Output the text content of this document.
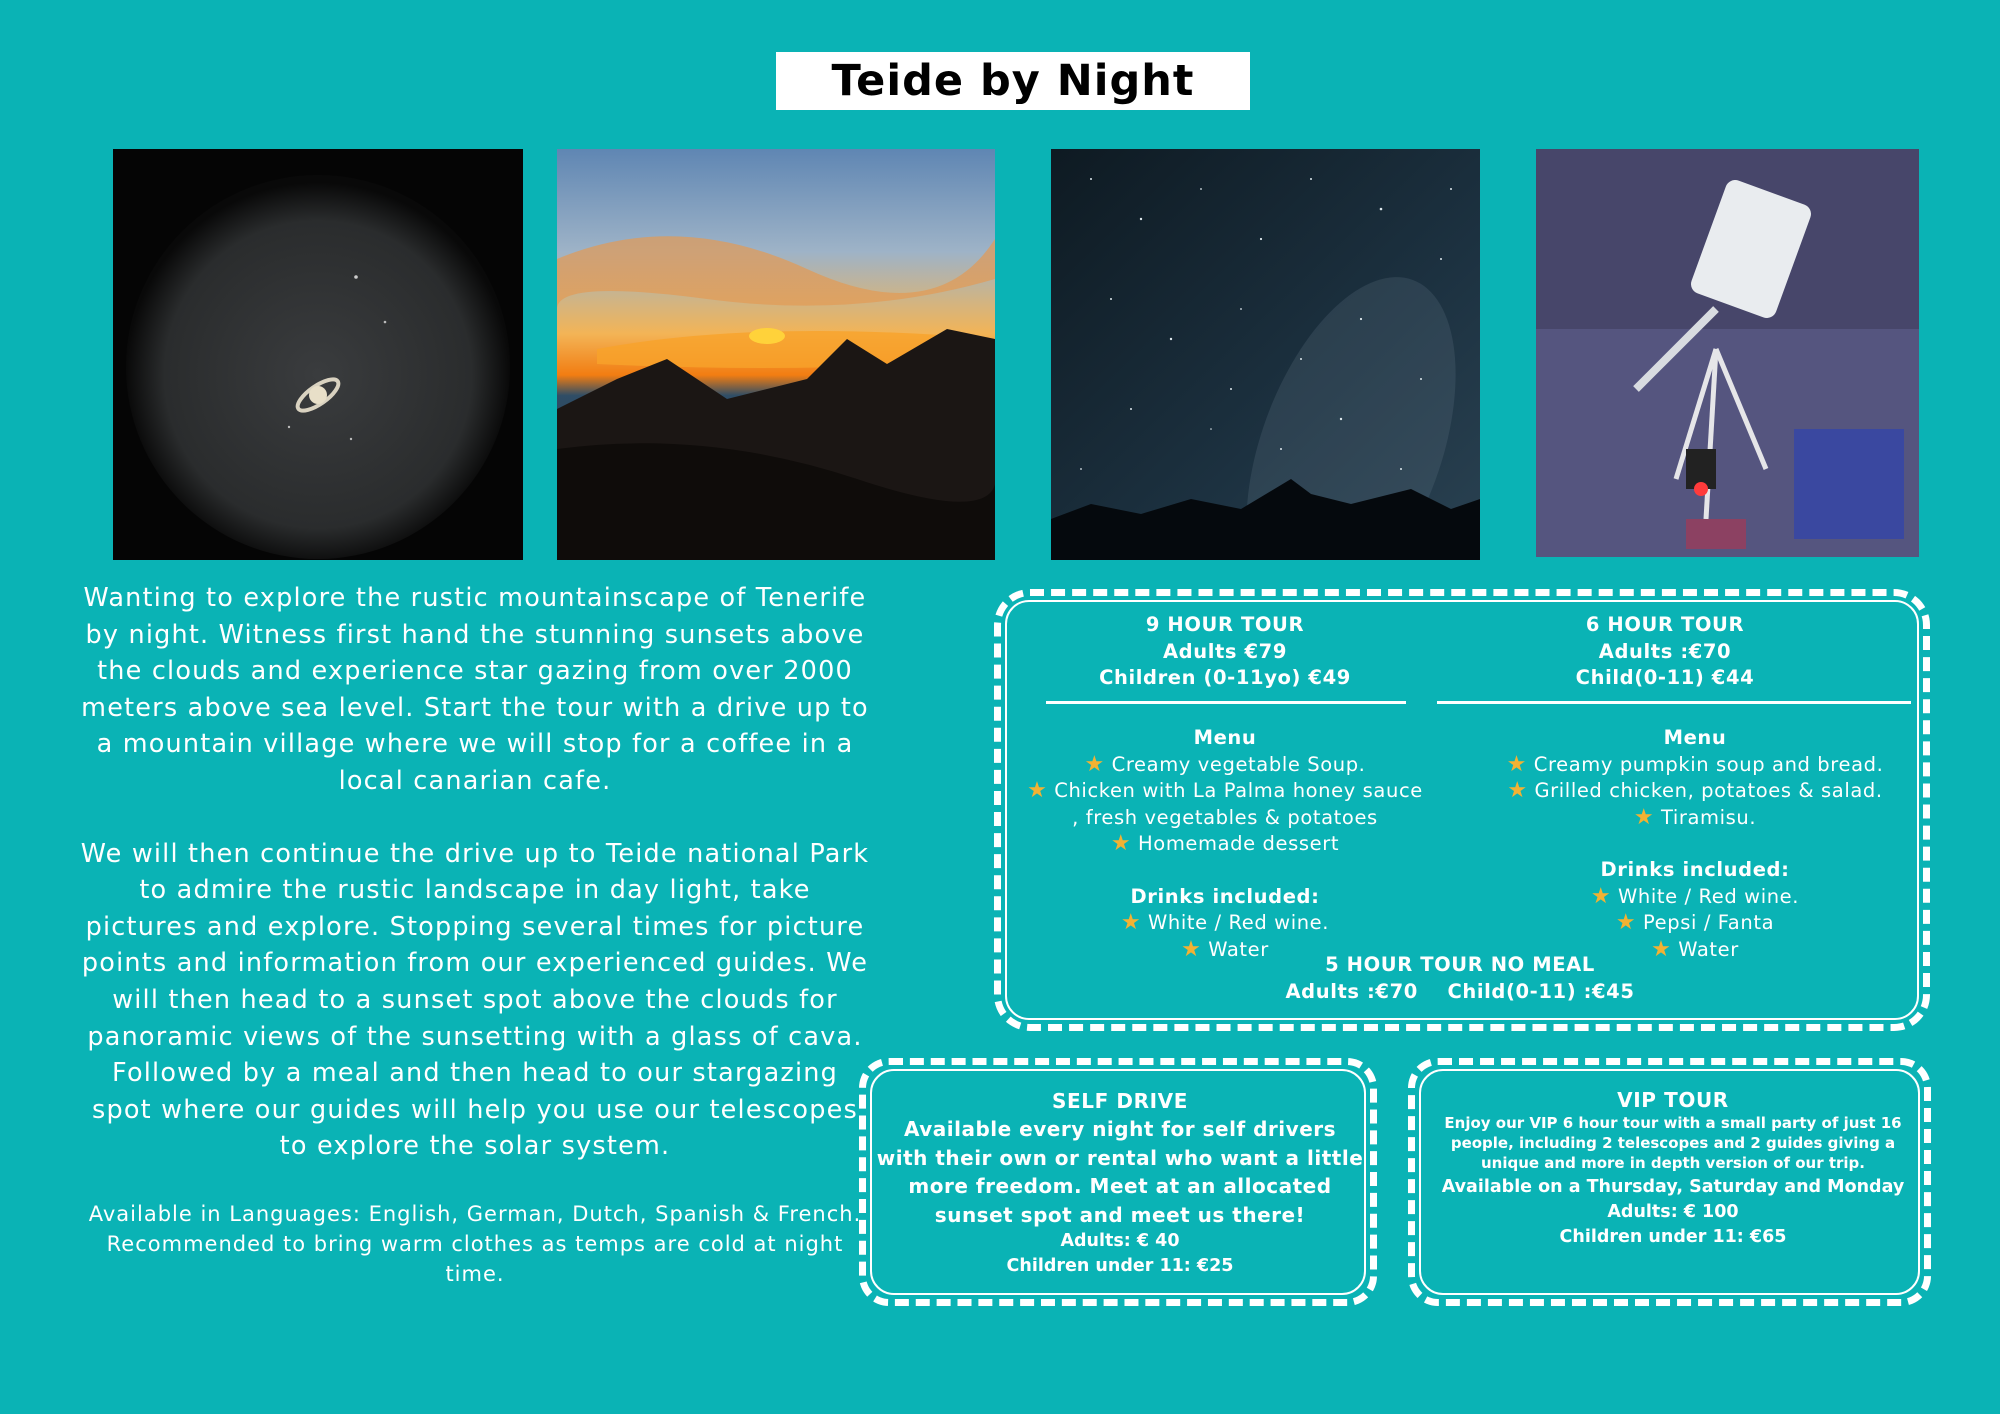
Teide by Night

Wanting to explore the rustic mountainscape of Tenerife by night. Witness first hand the stunning sunsets above the clouds and experience star gazing from over 2000 meters above sea level. Start the tour with a drive up to a mountain village where we will stop for a coffee in a local canarian cafe.

We will then continue the drive up to Teide national Park to admire the rustic landscape in day light, take pictures and explore. Stopping several times for picture points and information from our experienced guides. We will then head to a sunset spot above the clouds for panoramic views of the sunsetting with a glass of cava. Followed by a meal and then head to our stargazing spot where our guides will help you use our telescopes to explore the solar system.

Available in Languages: English, German, Dutch, Spanish & French. Recommended to bring warm clothes as temps are cold at night time.

9 HOUR TOUR
Adults €79
Children (0-11yo) €49
Menu
★ Creamy vegetable Soup.
★ Chicken with La Palma honey sauce
, fresh vegetables & potatoes
★ Homemade dessert
Drinks included:
★ White / Red wine.
★ Water
6 HOUR TOUR
Adults :€70
Child(0-11) €44
Menu
★ Creamy pumpkin soup and bread.
★ Grilled chicken, potatoes & salad.
★ Tiramisu.
Drinks included:
★ White / Red wine.
★ Pepsi / Fanta
★ Water
5 HOUR TOUR NO MEAL
Adults :€70    Child(0-11) :€45
SELF DRIVE
Available every night for self drivers with their own or rental who want a little more freedom. Meet at an allocated sunset spot and meet us there!
Adults: € 40
Children under 11: €25
VIP TOUR
Enjoy our VIP 6 hour tour with a small party of just 16 people, including 2 telescopes and 2 guides giving a unique and more in depth version of our trip.
Available on a Thursday, Saturday and Monday
Adults: € 100
Children under 11: €65
